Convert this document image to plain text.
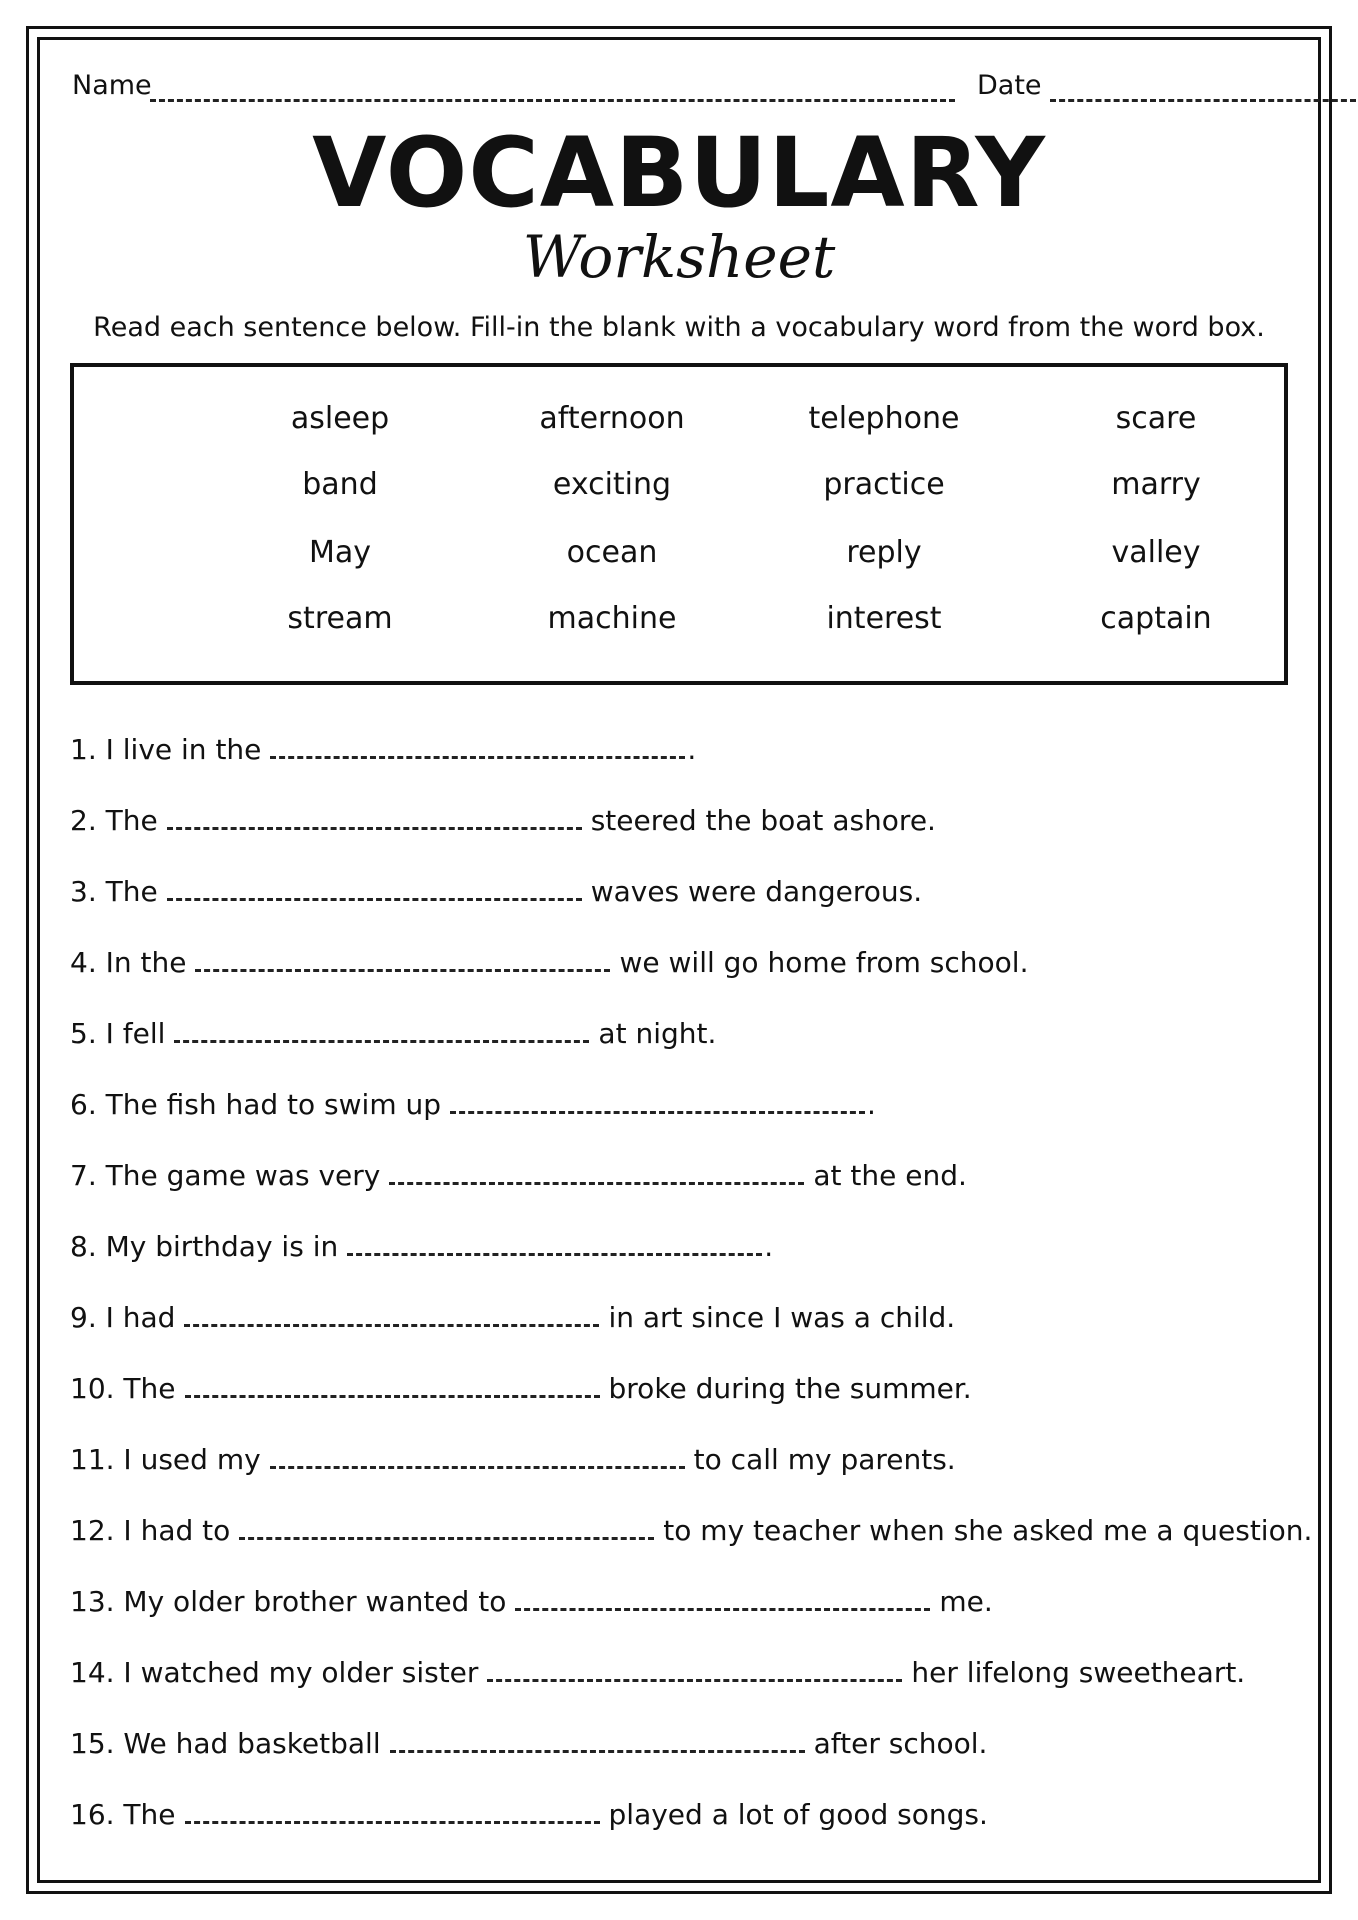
Name	Date
VOCABULARY
Worksheet
Read each sentence below. Fill-in the blank with a vocabulary word from the word box.
asleep	afternoon	telephone	scare
band	exciting	practice	marry
May	ocean	reply	valley
stream	machine	interest	captain
1. I live in the	.
2. The	steered the boat ashore.
3. The	waves were dangerous.
4. In the	we will go home from school.
5. I fell	at night.
6. The fish had to swim up	.
7. The game was very	at the end.
8. My birthday is in	.
9. I had	in art since I was a child.
10. The	broke during the summer.
11. I used my	to call my parents.
12. I had to	to my teacher when she asked me a question.
13. My older brother wanted to	me.
14. I watched my older sister	her lifelong sweetheart.
15. We had basketball	after school.
16. The	played a lot of good songs.
